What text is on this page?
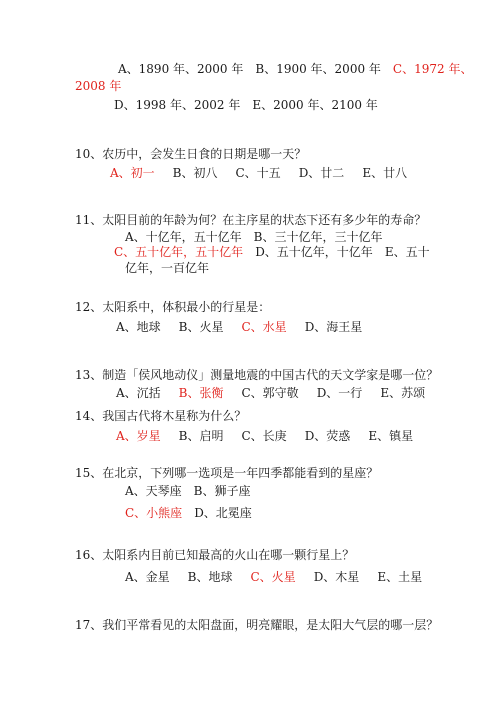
A、1890 年、2000 年 B、1900 年、2000 年 C、1972 年、
2008 年
D、1998 年、2002 年 E、2000 年、2100 年
10、农历中，会发生日食的日期是哪一天？
A、初一 B、初八 C、十五 D、廿二 E、廿八
11、太阳目前的年龄为何？在主序星的状态下还有多少年的寿命？
A、十亿年，五十亿年 B、三十亿年，三十亿年
C、五十亿年，五十亿年 D、五十亿年，十亿年 E、五十
亿年，一百亿年
12、太阳系中，体积最小的行星是：
A、地球 B、火星 C、水星 D、海王星
13、制造「侯风地动仪」测量地震的中国古代的天文学家是哪一位？
A、沉括 B、张衡 C、郭守敬 D、一行 E、苏颂
14、我国古代将木星称为什么？
A、岁星 B、启明 C、长庚 D、荧惑 E、镇星
15、在北京，下列哪一选项是一年四季都能看到的星座？
A、天琴座 B、狮子座
C、小熊座 D、北冕座
16、太阳系内目前已知最高的火山在哪一颗行星上？
A、金星 B、地球 C、火星 D、木星 E、土星
17、我们平常看见的太阳盘面，明亮耀眼，是太阳大气层的哪一层？
